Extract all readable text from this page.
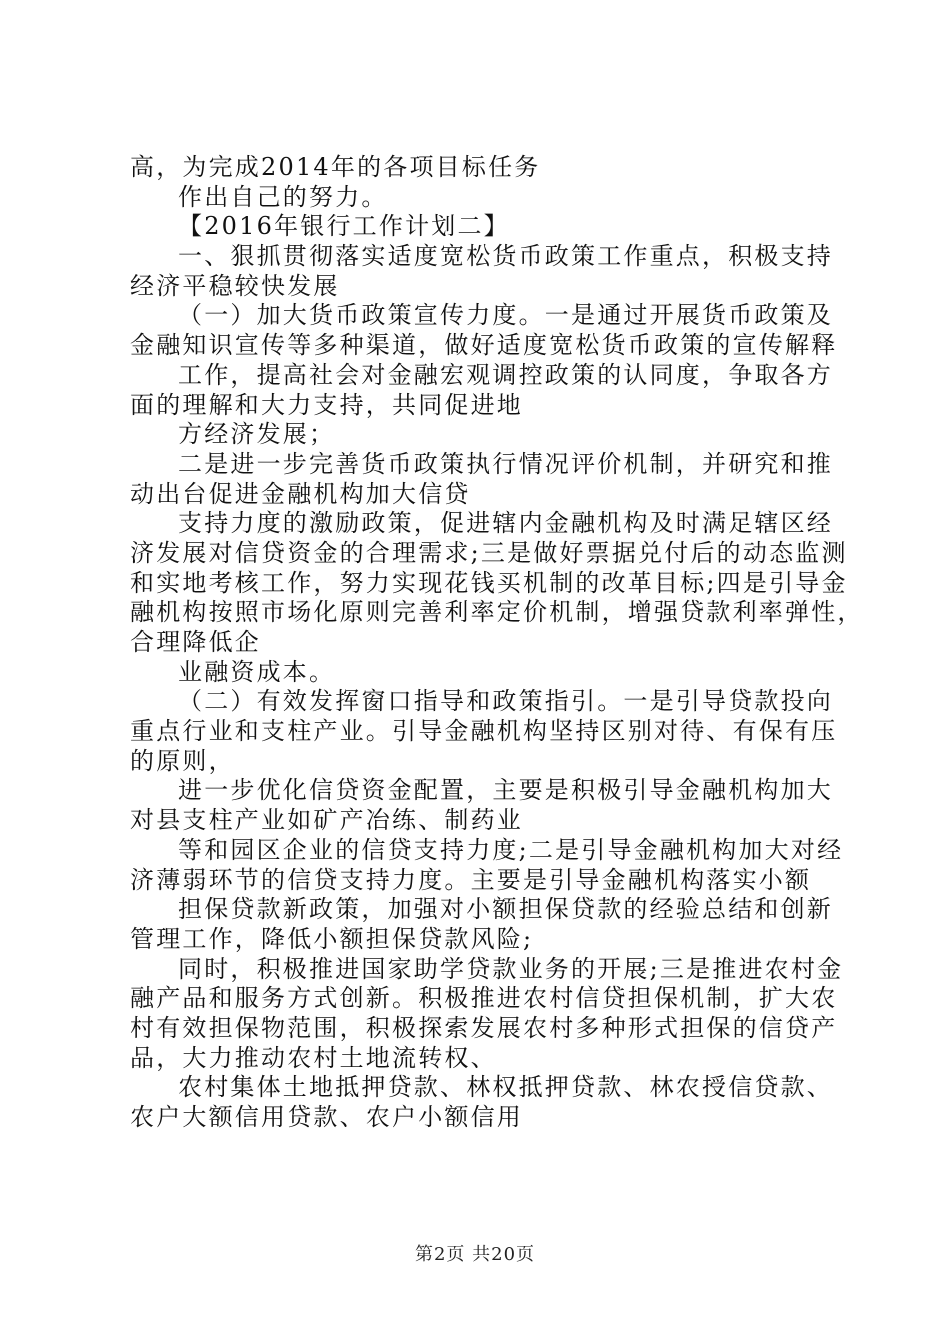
高，为完成2014年的各项目标任务
作出自己的努力。
【2016年银行工作计划二】
一、狠抓贯彻落实适度宽松货币政策工作重点，积极支持
经济平稳较快发展
（一）加大货币政策宣传力度。一是通过开展货币政策及
金融知识宣传等多种渠道，做好适度宽松货币政策的宣传解释
工作，提高社会对金融宏观调控政策的认同度，争取各方
面的理解和大力支持，共同促进地
方经济发展；
二是进一步完善货币政策执行情况评价机制，并研究和推
动出台促进金融机构加大信贷
支持力度的激励政策，促进辖内金融机构及时满足辖区经
济发展对信贷资金的合理需求;三是做好票据兑付后的动态监测
和实地考核工作，努力实现花钱买机制的改革目标;四是引导金
融机构按照市场化原则完善利率定价机制，增强贷款利率弹性，
合理降低企
业融资成本。
（二）有效发挥窗口指导和政策指引。一是引导贷款投向
重点行业和支柱产业。引导金融机构坚持区别对待、有保有压
的原则，
进一步优化信贷资金配置，主要是积极引导金融机构加大
对县支柱产业如矿产冶练、制药业
等和园区企业的信贷支持力度;二是引导金融机构加大对经
济薄弱环节的信贷支持力度。主要是引导金融机构落实小额
担保贷款新政策，加强对小额担保贷款的经验总结和创新
管理工作，降低小额担保贷款风险;
同时，积极推进国家助学贷款业务的开展;三是推进农村金
融产品和服务方式创新。积极推进农村信贷担保机制，扩大农
村有效担保物范围，积极探索发展农村多种形式担保的信贷产
品，大力推动农村土地流转权、
农村集体土地抵押贷款、林权抵押贷款、林农授信贷款、
农户大额信用贷款、农户小额信用
第2页 共20页
